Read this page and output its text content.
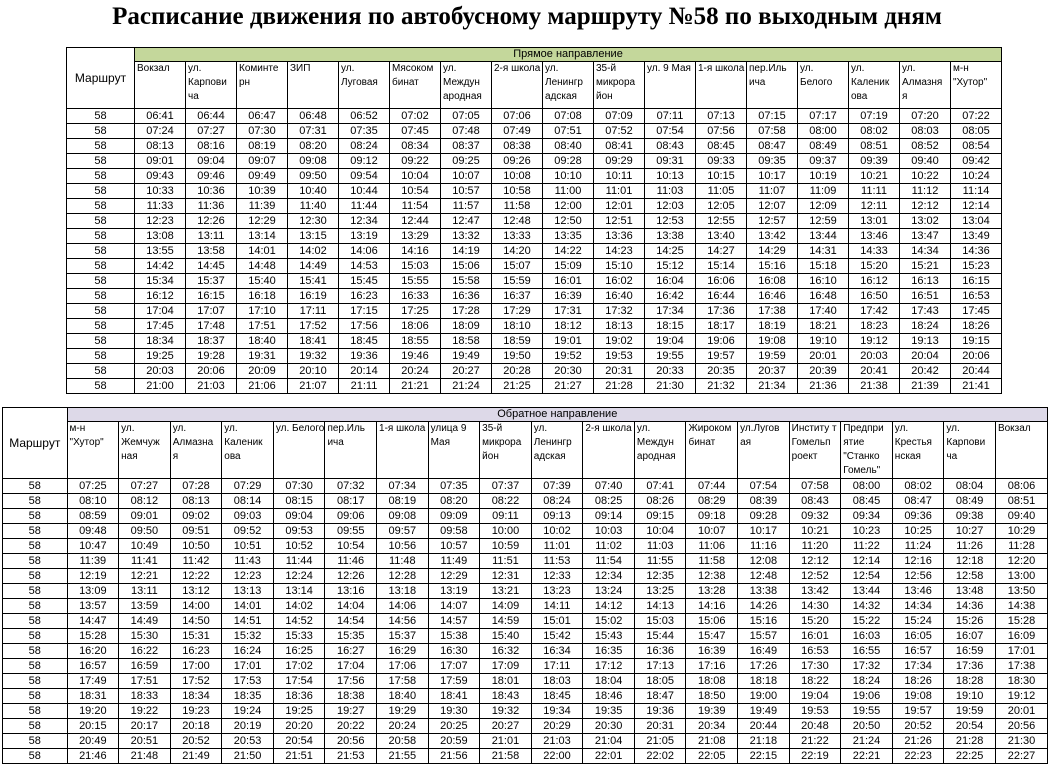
Расписание движения по автобусному маршруту №58 по выходным дням
Маршрут	Прямое направление																
	Вокзал	ул. Карпови ча	Коминте рн	ЗИП	ул. Луговая	Мясоком бинат	ул. Междун ародная	2-я школа	ул. Ленингр адская	35-й микрора йон	ул. 9 Мая	1-я школа	пер.Иль ича	ул. Белого	ул. Каленик ова	ул. Алмазня я	м-н "Хутор"
58	06:41	06:44	06:47	06:48	06:52	07:02	07:05	07:06	07:08	07:09	07:11	07:13	07:15	07:17	07:19	07:20	07:22
58	07:24	07:27	07:30	07:31	07:35	07:45	07:48	07:49	07:51	07:52	07:54	07:56	07:58	08:00	08:02	08:03	08:05
58	08:13	08:16	08:19	08:20	08:24	08:34	08:37	08:38	08:40	08:41	08:43	08:45	08:47	08:49	08:51	08:52	08:54
58	09:01	09:04	09:07	09:08	09:12	09:22	09:25	09:26	09:28	09:29	09:31	09:33	09:35	09:37	09:39	09:40	09:42
58	09:43	09:46	09:49	09:50	09:54	10:04	10:07	10:08	10:10	10:11	10:13	10:15	10:17	10:19	10:21	10:22	10:24
58	10:33	10:36	10:39	10:40	10:44	10:54	10:57	10:58	11:00	11:01	11:03	11:05	11:07	11:09	11:11	11:12	11:14
58	11:33	11:36	11:39	11:40	11:44	11:54	11:57	11:58	12:00	12:01	12:03	12:05	12:07	12:09	12:11	12:12	12:14
58	12:23	12:26	12:29	12:30	12:34	12:44	12:47	12:48	12:50	12:51	12:53	12:55	12:57	12:59	13:01	13:02	13:04
58	13:08	13:11	13:14	13:15	13:19	13:29	13:32	13:33	13:35	13:36	13:38	13:40	13:42	13:44	13:46	13:47	13:49
58	13:55	13:58	14:01	14:02	14:06	14:16	14:19	14:20	14:22	14:23	14:25	14:27	14:29	14:31	14:33	14:34	14:36
58	14:42	14:45	14:48	14:49	14:53	15:03	15:06	15:07	15:09	15:10	15:12	15:14	15:16	15:18	15:20	15:21	15:23
58	15:34	15:37	15:40	15:41	15:45	15:55	15:58	15:59	16:01	16:02	16:04	16:06	16:08	16:10	16:12	16:13	16:15
58	16:12	16:15	16:18	16:19	16:23	16:33	16:36	16:37	16:39	16:40	16:42	16:44	16:46	16:48	16:50	16:51	16:53
58	17:04	17:07	17:10	17:11	17:15	17:25	17:28	17:29	17:31	17:32	17:34	17:36	17:38	17:40	17:42	17:43	17:45
58	17:45	17:48	17:51	17:52	17:56	18:06	18:09	18:10	18:12	18:13	18:15	18:17	18:19	18:21	18:23	18:24	18:26
58	18:34	18:37	18:40	18:41	18:45	18:55	18:58	18:59	19:01	19:02	19:04	19:06	19:08	19:10	19:12	19:13	19:15
58	19:25	19:28	19:31	19:32	19:36	19:46	19:49	19:50	19:52	19:53	19:55	19:57	19:59	20:01	20:03	20:04	20:06
58	20:03	20:06	20:09	20:10	20:14	20:24	20:27	20:28	20:30	20:31	20:33	20:35	20:37	20:39	20:41	20:42	20:44
58	21:00	21:03	21:06	21:07	21:11	21:21	21:24	21:25	21:27	21:28	21:30	21:32	21:34	21:36	21:38	21:39	21:41
Маршрут	Обратное направление																		
	м-н "Хутор"	ул. Жемчуж ная	ул. Алмазна я	ул. Каленик ова	ул. Белого	пер.Иль ича	1-я школа	улица 9 Мая	35-й микрора йон	ул. Ленингр адская	2-я школа	ул. Междун ародная	Жироком бинат	ул.Лугов ая	Институ т Гомельп роект	Предпри ятие "Станко Гомель"	ул. Крестья нская	ул. Карпови ча	Вокзал
58	07:25	07:27	07:28	07:29	07:30	07:32	07:34	07:35	07:37	07:39	07:40	07:41	07:44	07:54	07:58	08:00	08:02	08:04	08:06
58	08:10	08:12	08:13	08:14	08:15	08:17	08:19	08:20	08:22	08:24	08:25	08:26	08:29	08:39	08:43	08:45	08:47	08:49	08:51
58	08:59	09:01	09:02	09:03	09:04	09:06	09:08	09:09	09:11	09:13	09:14	09:15	09:18	09:28	09:32	09:34	09:36	09:38	09:40
58	09:48	09:50	09:51	09:52	09:53	09:55	09:57	09:58	10:00	10:02	10:03	10:04	10:07	10:17	10:21	10:23	10:25	10:27	10:29
58	10:47	10:49	10:50	10:51	10:52	10:54	10:56	10:57	10:59	11:01	11:02	11:03	11:06	11:16	11:20	11:22	11:24	11:26	11:28
58	11:39	11:41	11:42	11:43	11:44	11:46	11:48	11:49	11:51	11:53	11:54	11:55	11:58	12:08	12:12	12:14	12:16	12:18	12:20
58	12:19	12:21	12:22	12:23	12:24	12:26	12:28	12:29	12:31	12:33	12:34	12:35	12:38	12:48	12:52	12:54	12:56	12:58	13:00
58	13:09	13:11	13:12	13:13	13:14	13:16	13:18	13:19	13:21	13:23	13:24	13:25	13:28	13:38	13:42	13:44	13:46	13:48	13:50
58	13:57	13:59	14:00	14:01	14:02	14:04	14:06	14:07	14:09	14:11	14:12	14:13	14:16	14:26	14:30	14:32	14:34	14:36	14:38
58	14:47	14:49	14:50	14:51	14:52	14:54	14:56	14:57	14:59	15:01	15:02	15:03	15:06	15:16	15:20	15:22	15:24	15:26	15:28
58	15:28	15:30	15:31	15:32	15:33	15:35	15:37	15:38	15:40	15:42	15:43	15:44	15:47	15:57	16:01	16:03	16:05	16:07	16:09
58	16:20	16:22	16:23	16:24	16:25	16:27	16:29	16:30	16:32	16:34	16:35	16:36	16:39	16:49	16:53	16:55	16:57	16:59	17:01
58	16:57	16:59	17:00	17:01	17:02	17:04	17:06	17:07	17:09	17:11	17:12	17:13	17:16	17:26	17:30	17:32	17:34	17:36	17:38
58	17:49	17:51	17:52	17:53	17:54	17:56	17:58	17:59	18:01	18:03	18:04	18:05	18:08	18:18	18:22	18:24	18:26	18:28	18:30
58	18:31	18:33	18:34	18:35	18:36	18:38	18:40	18:41	18:43	18:45	18:46	18:47	18:50	19:00	19:04	19:06	19:08	19:10	19:12
58	19:20	19:22	19:23	19:24	19:25	19:27	19:29	19:30	19:32	19:34	19:35	19:36	19:39	19:49	19:53	19:55	19:57	19:59	20:01
58	20:15	20:17	20:18	20:19	20:20	20:22	20:24	20:25	20:27	20:29	20:30	20:31	20:34	20:44	20:48	20:50	20:52	20:54	20:56
58	20:49	20:51	20:52	20:53	20:54	20:56	20:58	20:59	21:01	21:03	21:04	21:05	21:08	21:18	21:22	21:24	21:26	21:28	21:30
58	21:46	21:48	21:49	21:50	21:51	21:53	21:55	21:56	21:58	22:00	22:01	22:02	22:05	22:15	22:19	22:21	22:23	22:25	22:27
